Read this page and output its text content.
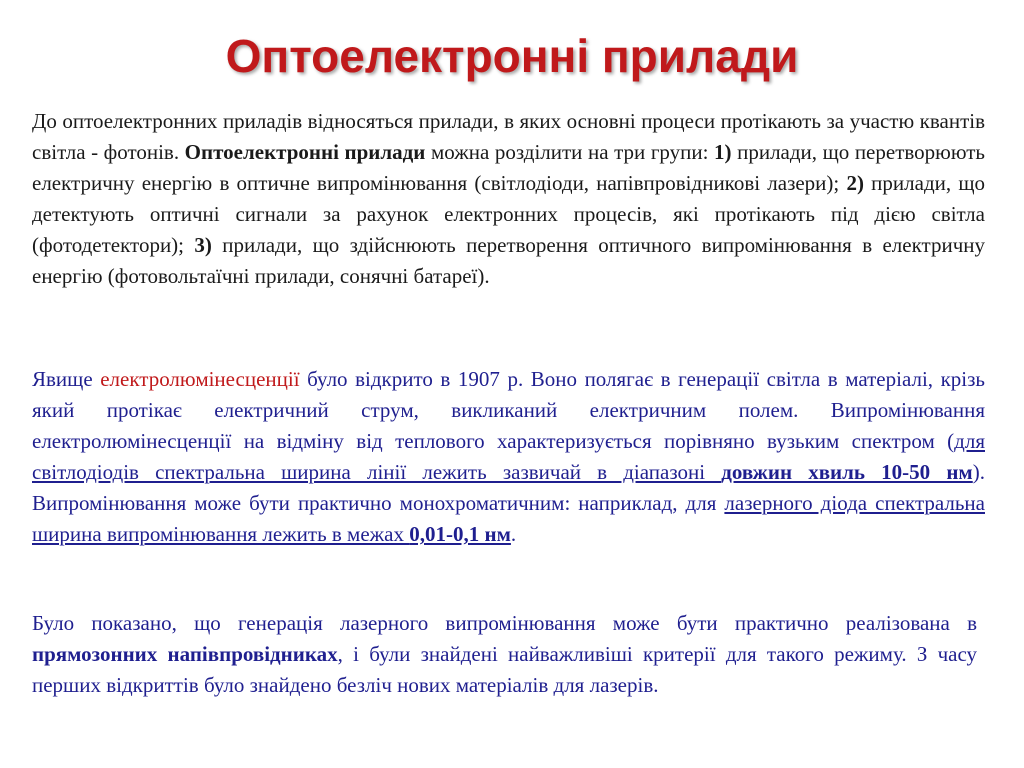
Оптоелектронні прилади

До оптоелектронних приладів відносяться прилади, в яких основні процеси протікають за участю квантів світла - фотонів. Оптоелектронні прилади можна розділити на три групи: 1) прилади, що перетворюють електричну енергію в оптичне випромінювання (світлодіоди, напівпровідникові лазери); 2) прилади, що детектують оптичні сигнали за рахунок електронних процесів, які протікають під дією світла (фотодетектори); 3) прилади, що здійснюють перетворення оптичного випромінювання в електричну енергію (фотовольтаїчні прилади, сонячні батареї).

Явище електролюмінесценції було відкрито в 1907 р. Воно полягає в генерації світла в матеріалі, крізь який протікає електричний струм, викликаний електричним полем. Випромінювання електролюмінесценції на відміну від теплового характеризується порівняно вузьким спектром (для світлодіодів спектральна ширина лінії лежить зазвичай в діапазоні довжин хвиль 10-50 нм). Випромінювання може бути практично монохроматичним: наприклад, для лазерного діода спектральна ширина випромінювання лежить в межах 0,01-0,1 нм.

Було показано, що генерація лазерного випромінювання може бути практично реалізована в прямозонних напівпровідниках, і були знайдені найважливіші критерії для такого режиму. З часу перших відкриттів було знайдено безліч нових матеріалів для лазерів.
